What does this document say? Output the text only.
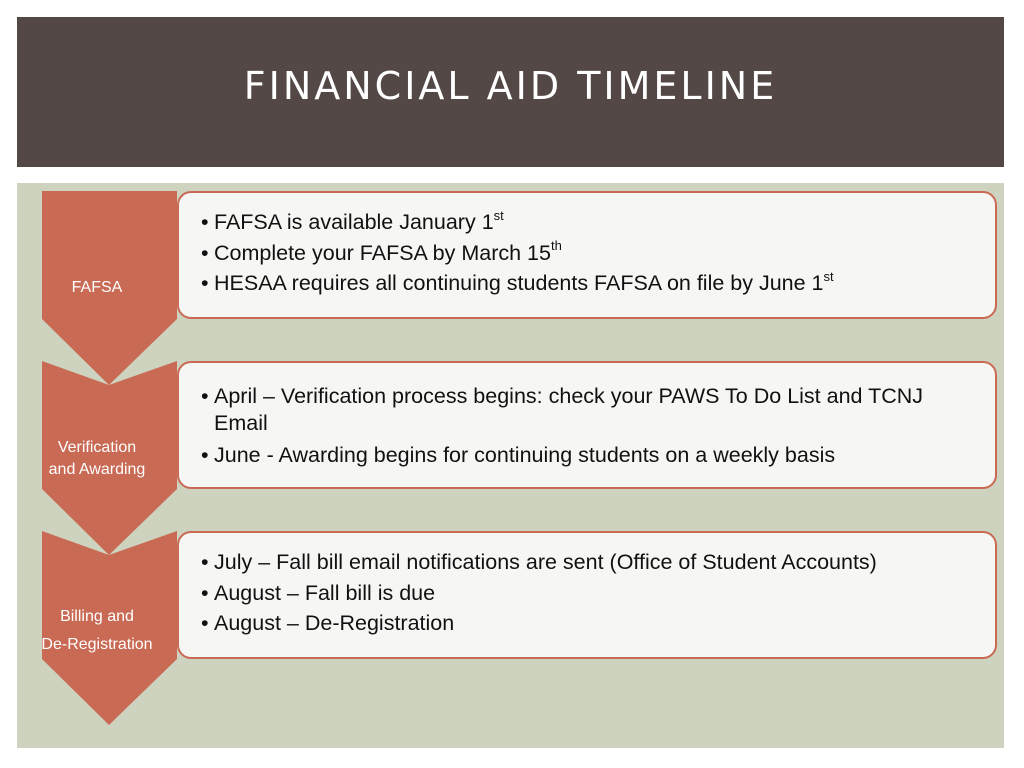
FINANCIAL AID TIMELINE
FAFSA
• FAFSA is available January 1st
• Complete your FAFSA by March 15th
• HESAA requires all continuing students FAFSA on file by June 1st
Verification
and Awarding
• April – Verification process begins: check your PAWS To Do List and TCNJ Email
• June - Awarding begins for continuing students on a weekly basis
Billing and
De-Registration
• July – Fall bill email notifications are sent (Office of Student Accounts)
• August – Fall bill is due
• August – De-Registration
